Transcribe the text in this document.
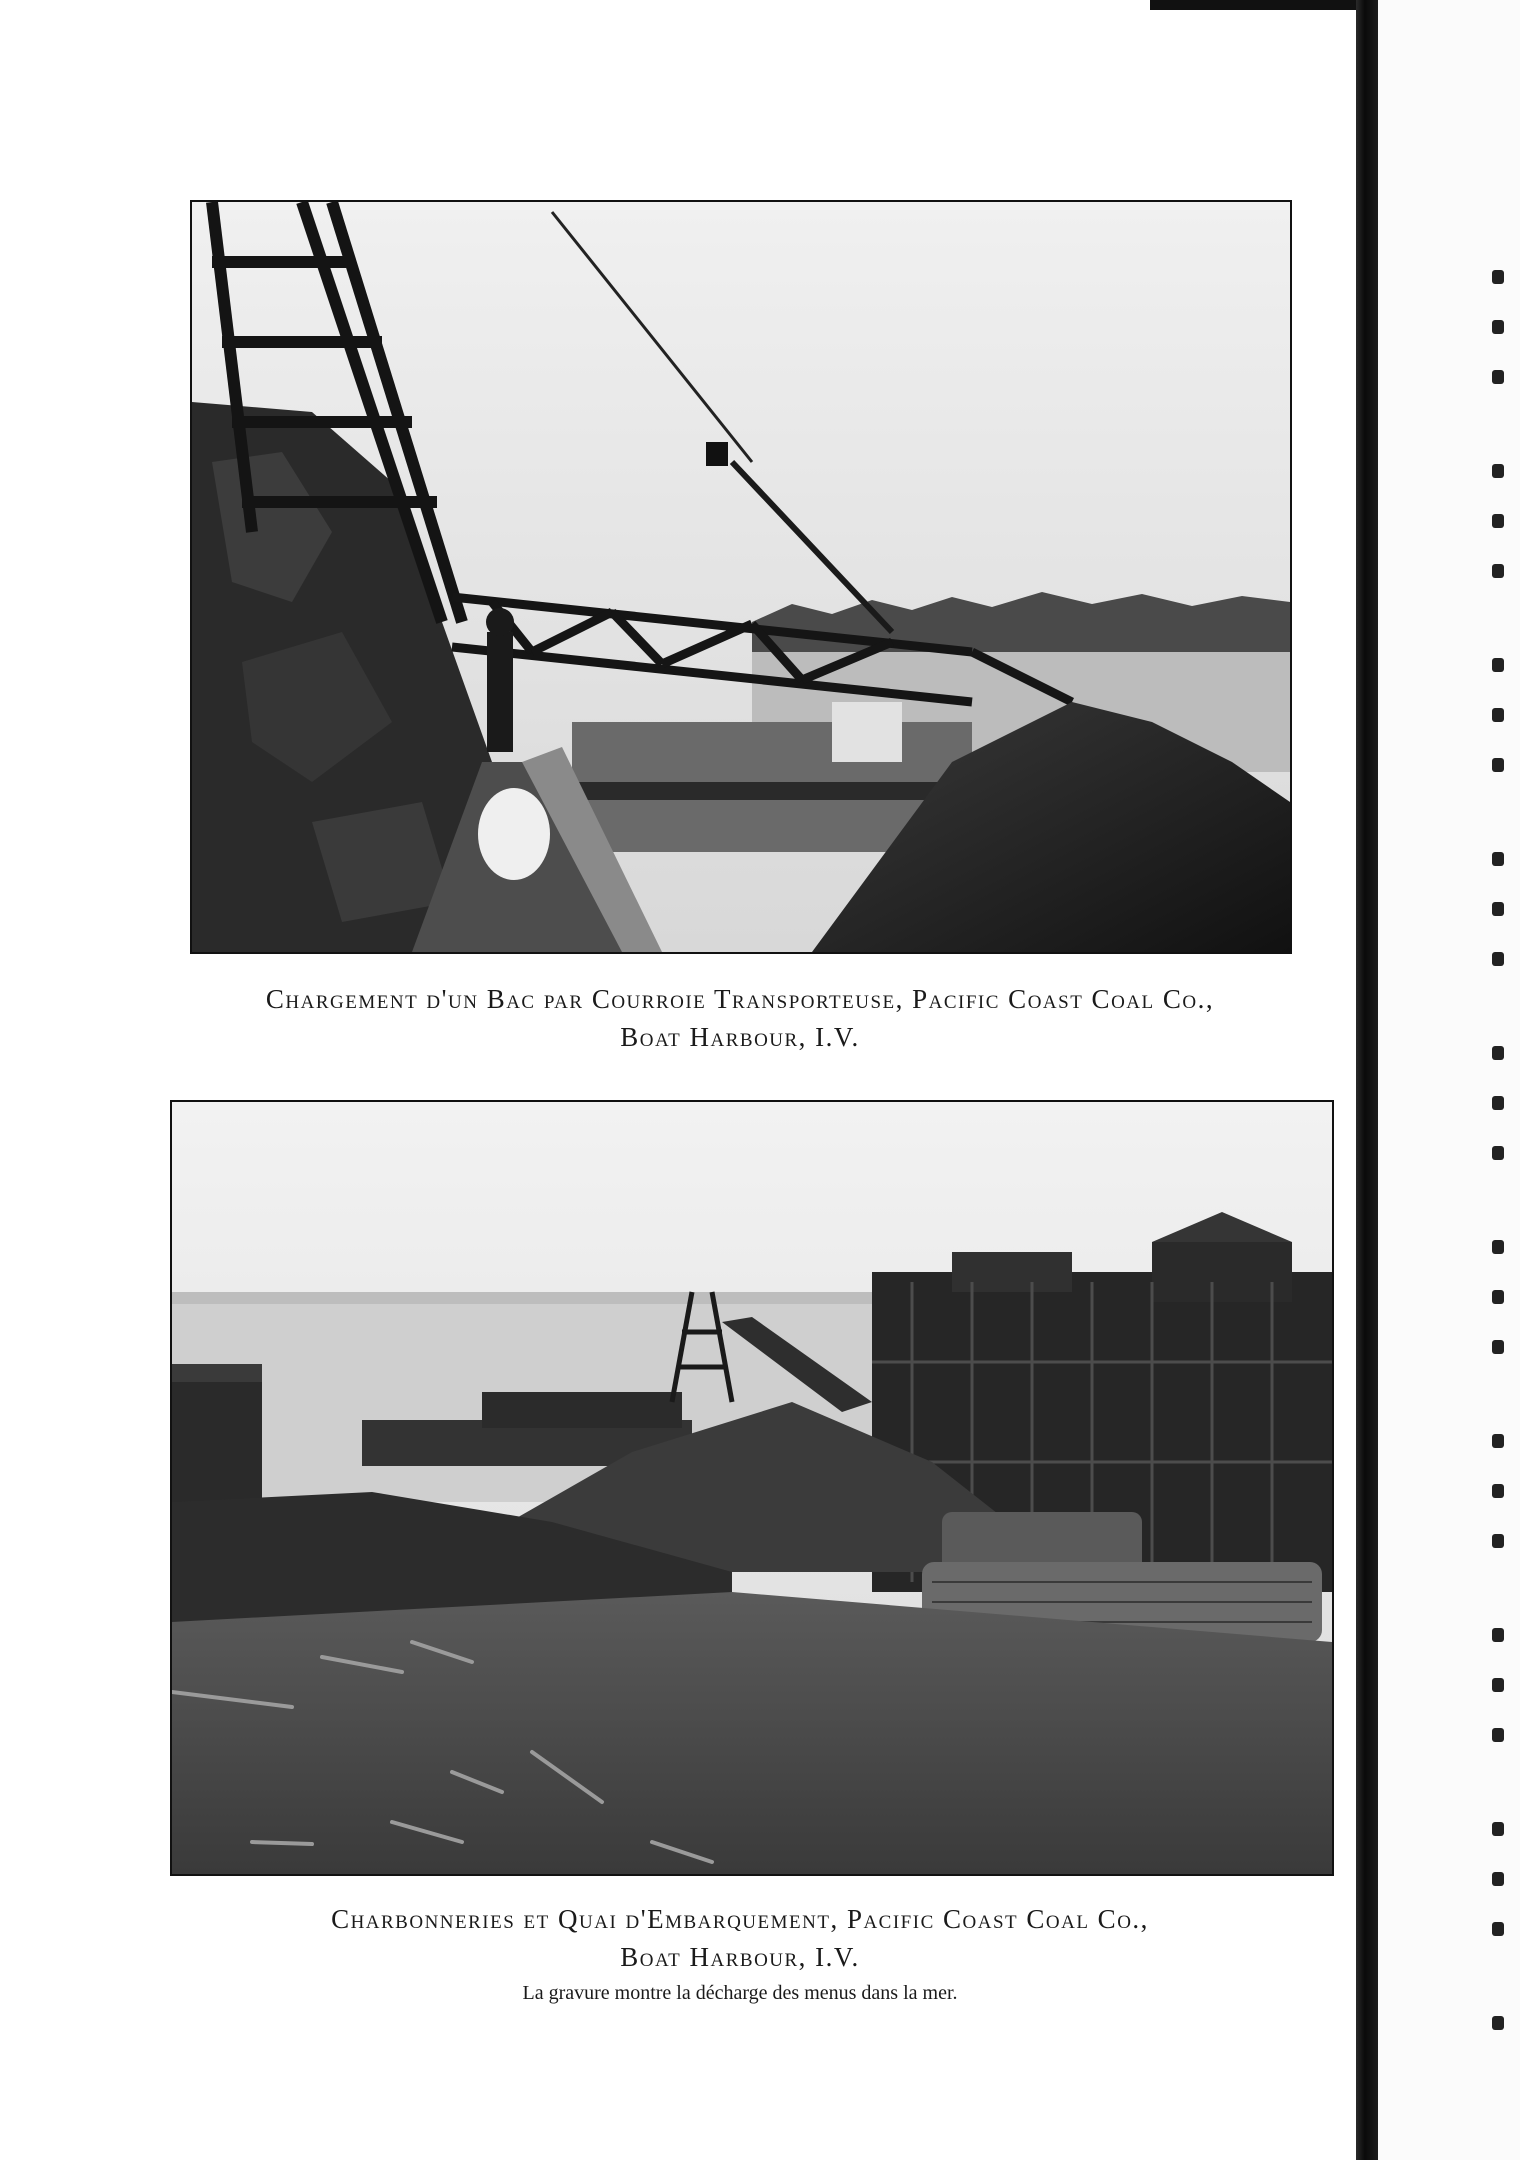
Chargement d'un Bac par Courroie Transporteuse, Pacific Coast Coal Co.,
Boat Harbour, I.V.
Charbonneries et Quai d'Embarquement, Pacific Coast Coal Co.,
Boat Harbour, I.V.
La gravure montre la décharge des menus dans la mer.
